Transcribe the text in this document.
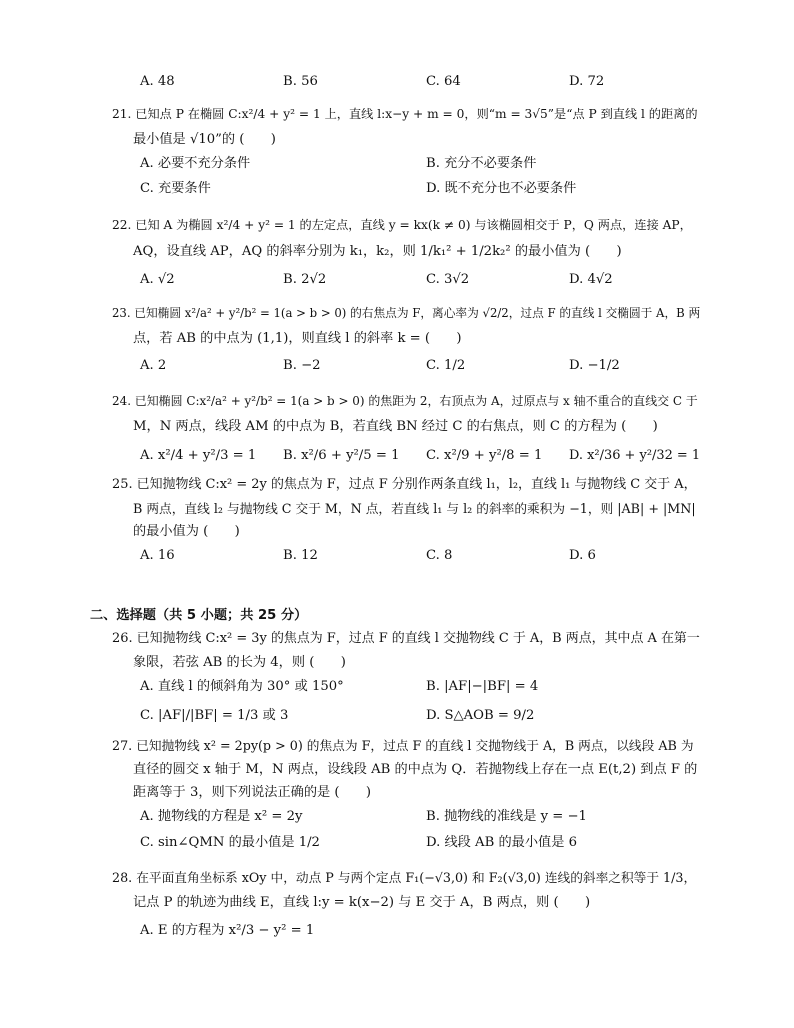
A. 48	B. 56	C. 64	D. 72
21. 已知点 P 在椭圆 C:x²/4 + y² = 1 上，直线 l:x−y + m = 0，则“m = 3√5”是“点 P 到直线 l 的距离的
最小值是 √10”的 (　　)
A. 必要不充分条件	B. 充分不必要条件
C. 充要条件	D. 既不充分也不必要条件
22. 已知 A 为椭圆 x²/4 + y² = 1 的左定点，直线 y = kx(k ≠ 0) 与该椭圆相交于 P，Q 两点，连接 AP，
AQ，设直线 AP，AQ 的斜率分别为 k₁，k₂，则 1/k₁² + 1/2k₂² 的最小值为 (　　)
A. √2	B. 2√2	C. 3√2	D. 4√2
23. 已知椭圆 x²/a² + y²/b² = 1(a > b > 0) 的右焦点为 F，离心率为 √2/2，过点 F 的直线 l 交椭圆于 A，B 两
点，若 AB 的中点为 (1,1)，则直线 l 的斜率 k = (　　)
A. 2	B. −2	C. 1/2	D. −1/2
24. 已知椭圆 C:x²/a² + y²/b² = 1(a > b > 0) 的焦距为 2，右顶点为 A，过原点与 x 轴不重合的直线交 C 于
M，N 两点，线段 AM 的中点为 B，若直线 BN 经过 C 的右焦点，则 C 的方程为 (　　)
A. x²/4 + y²/3 = 1 B. x²/6 + y²/5 = 1 C. x²/9 + y²/8 = 1 D. x²/36 + y²/32 = 1
25. 已知抛物线 C:x² = 2y 的焦点为 F，过点 F 分别作两条直线 l₁，l₂，直线 l₁ 与抛物线 C 交于 A，
B 两点，直线 l₂ 与抛物线 C 交于 M，N 点，若直线 l₁ 与 l₂ 的斜率的乘积为 −1，则 |AB| + |MN|
的最小值为 (　　)
A. 16	B. 12	C. 8	D. 6
二、选择题（共 5 小题；共 25 分）
26. 已知抛物线 C:x² = 3y 的焦点为 F，过点 F 的直线 l 交抛物线 C 于 A，B 两点，其中点 A 在第一
象限，若弦 AB 的长为 4，则 (　　)
A. 直线 l 的倾斜角为 30° 或 150°	B. |AF|−|BF| = 4
C. |AF|/|BF| = 1/3 或 3	D. S△AOB = 9/2
27. 已知抛物线 x² = 2py(p > 0) 的焦点为 F，过点 F 的直线 l 交抛物线于 A，B 两点，以线段 AB 为
直径的圆交 x 轴于 M，N 两点，设线段 AB 的中点为 Q．若抛物线上存在一点 E(t,2) 到点 F 的
距离等于 3，则下列说法正确的是 (　　)
A. 抛物线的方程是 x² = 2y	B. 抛物线的准线是 y = −1
C. sin∠QMN 的最小值是 1/2	D. 线段 AB 的最小值是 6
28. 在平面直角坐标系 xOy 中，动点 P 与两个定点 F₁(−√3,0) 和 F₂(√3,0) 连线的斜率之积等于 1/3，
记点 P 的轨迹为曲线 E，直线 l:y = k(x−2) 与 E 交于 A，B 两点，则 (　　)
A. E 的方程为 x²/3 − y² = 1
